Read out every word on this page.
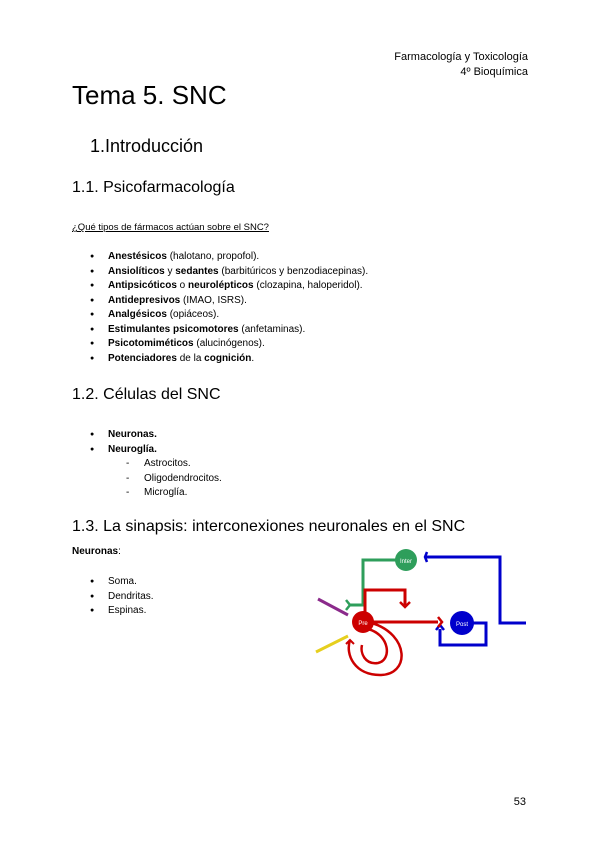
Farmacología y Toxicología
4º Bioquímica
Tema 5. SNC
1.Introducción
1.1. Psicofarmacología
¿Qué tipos de fármacos actúan sobre el SNC?
● Anestésicos (halotano, propofol).
● Ansiolíticos y sedantes (barbitúricos y benzodiacepinas).
● Antipsicóticos o neurolépticos (clozapina, haloperidol).
● Antidepresivos (IMAO, ISRS).
● Analgésicos (opiáceos).
● Estimulantes psicomotores (anfetaminas).
● Psicotomiméticos (alucinógenos).
● Potenciadores de la cognición.
1.2. Células del SNC
● Neuronas.
● Neuroglía.
- Astrocitos.
- Oligodendrocitos.
- Microglía.
1.3. La sinapsis: interconexiones neuronales en el SNC
Neuronas:
● Soma.
● Dendritas.
● Espinas.
Inter
Post
Pre
53
